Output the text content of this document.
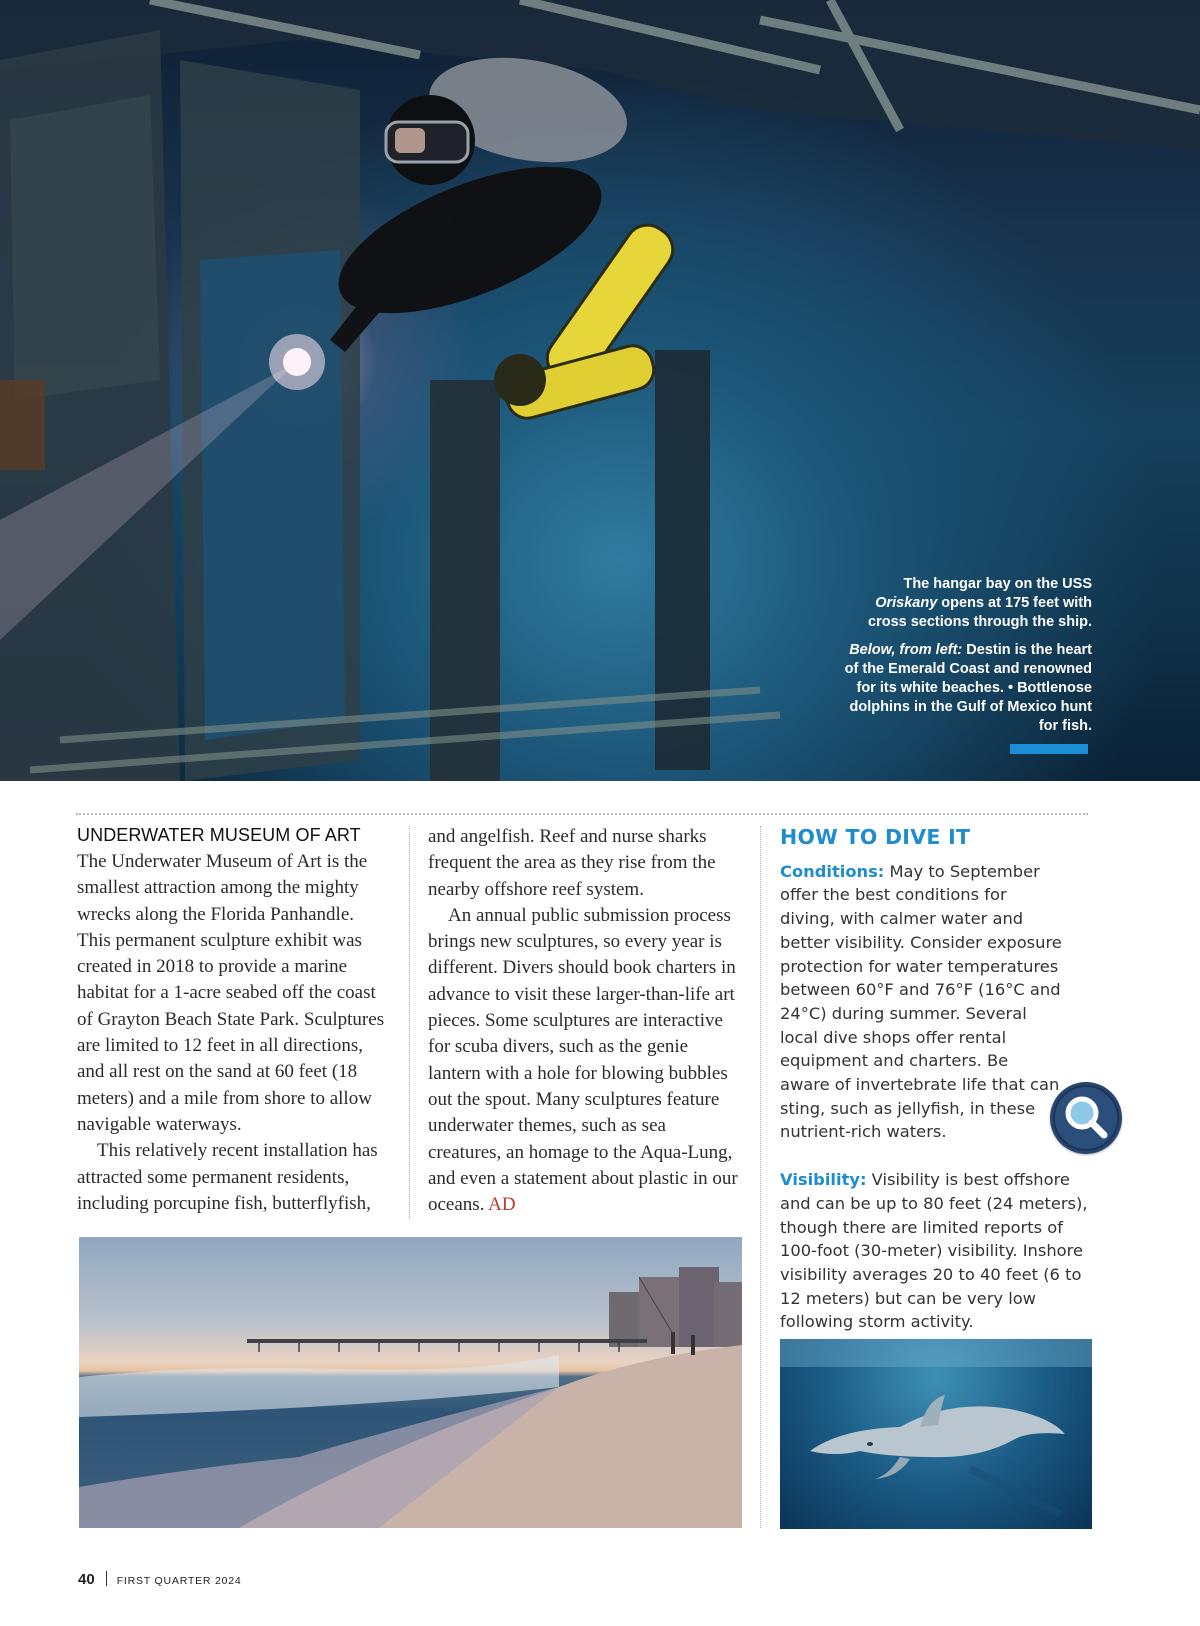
The hangar bay on the USS
Oriskany opens at 175 feet with cross sections through the ship.

Below, from left: Destin is the heart of the Emerald Coast and renowned for its white beaches. • Bottlenose dolphins in the Gulf of Mexico hunt for fish.

UNDERWATER MUSEUM OF ART

The Underwater Museum of Art is the smallest attraction among the mighty wrecks along the Florida Panhandle. This permanent sculpture exhibit was created in 2018 to provide a marine habitat for a 1-acre seabed off the coast of Grayton Beach State Park. Sculptures are limited to 12 feet in all directions, and all rest on the sand at 60 feet (18 meters) and a mile from shore to allow navigable waterways.

This relatively recent installation has attracted some permanent residents, including porcupine fish, butterflyfish,

and angelfish. Reef and nurse sharks frequent the area as they rise from the nearby offshore reef system.

An annual public submission process brings new sculptures, so every year is different. Divers should book charters in advance to visit these larger-than-life art pieces. Some sculptures are interactive for scuba divers, such as the genie lantern with a hole for blowing bubbles out the spout. Many sculptures feature underwater themes, such as sea creatures, an homage to the Aqua-Lung, and even a statement about plastic in our oceans. AD

HOW TO DIVE IT

Conditions: May to September offer the best conditions for diving, with calmer water and better visibility. Consider exposure protection for water temperatures between 60°F and 76°F (16°C and 24°C) during summer. Several local dive shops offer rental equipment and charters. Be aware of invertebrate life that can sting, such as jellyfish, in these nutrient-rich waters.

Visibility: Visibility is best offshore and can be up to 80 feet (24 meters), though there are limited reports of 100-foot (30-meter) visibility. Inshore visibility averages 20 to 40 feet (6 to 12 meters) but can be very low following storm activity.

40 FIRST QUARTER 2024
